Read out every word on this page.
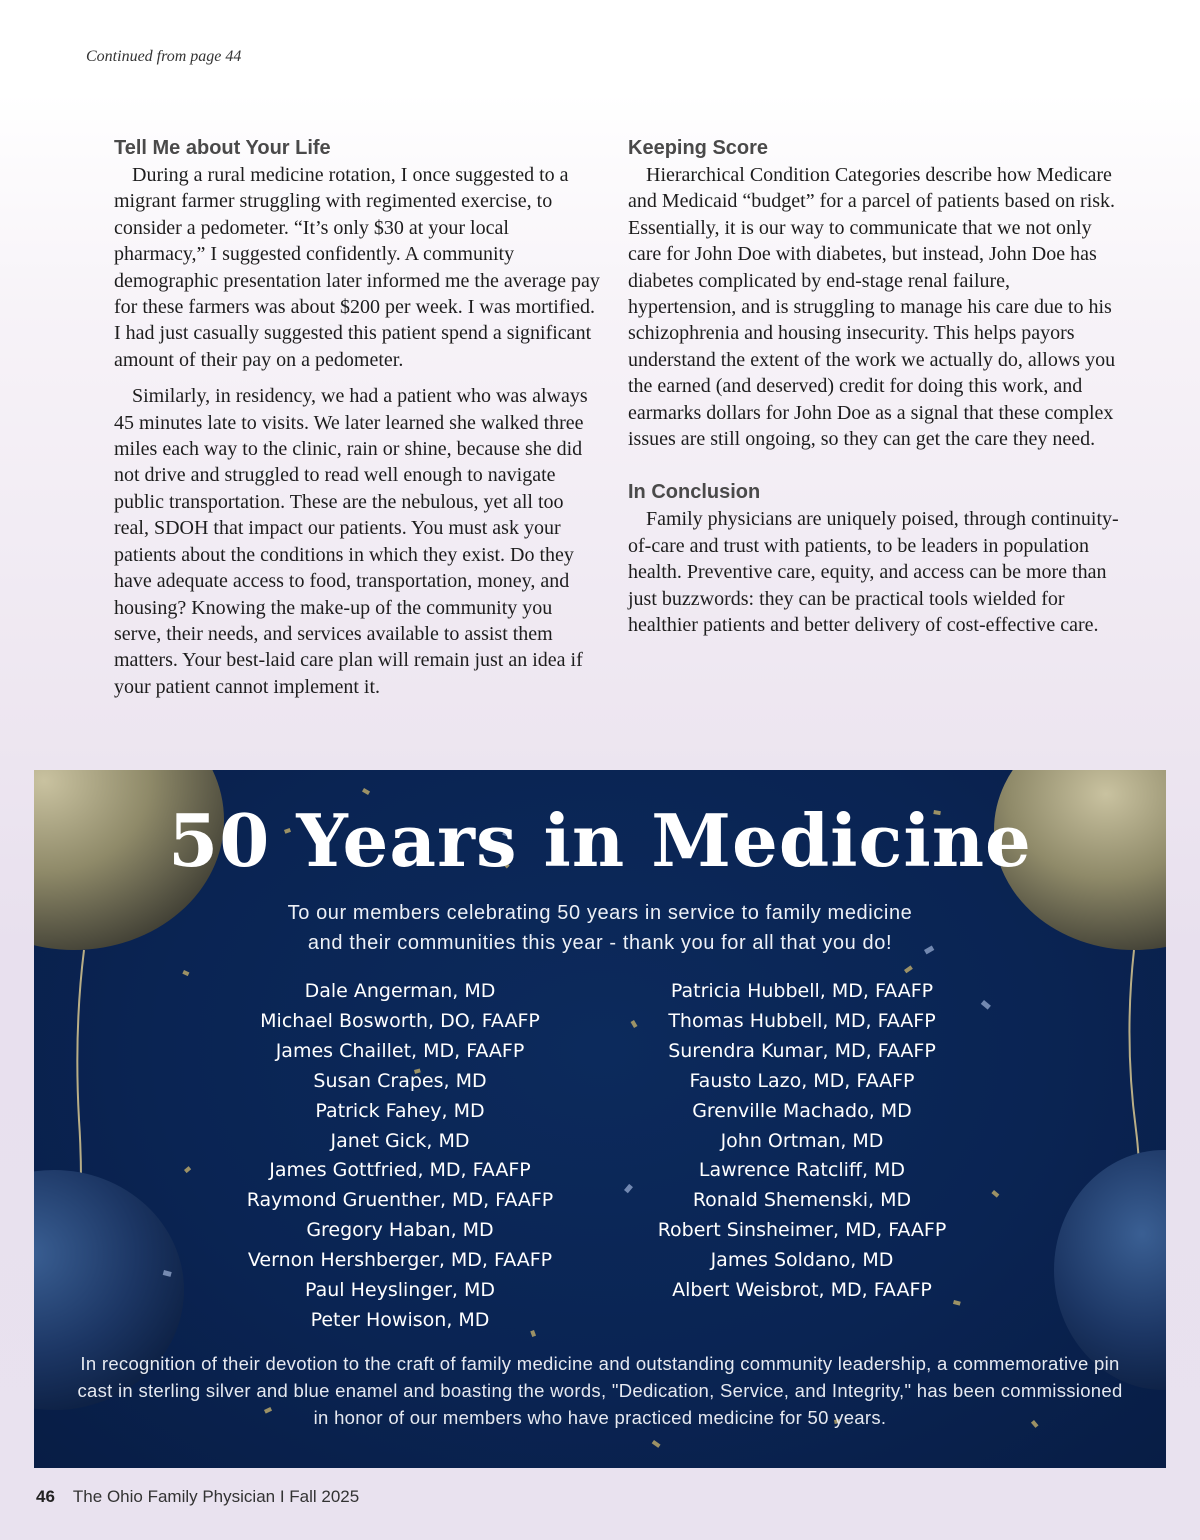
Continued from page 44
Tell Me about Your Life

During a rural medicine rotation, I once suggested to a migrant farmer struggling with regimented exercise, to consider a pedometer. “It’s only $30 at your local pharmacy,” I suggested confidently. A community demographic presentation later informed me the average pay for these farmers was about $200 per week. I was mortified. I had just casually suggested this patient spend a significant amount of their pay on a pedometer.

Similarly, in residency, we had a patient who was always 45 minutes late to visits. We later learned she walked three miles each way to the clinic, rain or shine, because she did not drive and struggled to read well enough to navigate public transportation. These are the nebulous, yet all too real, SDOH that impact our patients. You must ask your patients about the conditions in which they exist. Do they have adequate access to food, transportation, money, and housing? Knowing the make-up of the community you serve, their needs, and services available to assist them matters. Your best-laid care plan will remain just an idea if your patient cannot implement it.

Keeping Score

Hierarchical Condition Categories describe how Medicare and Medicaid “budget” for a parcel of patients based on risk. Essentially, it is our way to communicate that we not only care for John Doe with diabetes, but instead, John Doe has diabetes complicated by end-stage renal failure, hypertension, and is struggling to manage his care due to his schizophrenia and housing insecurity. This helps payors understand the extent of the work we actually do, allows you the earned (and deserved) credit for doing this work, and earmarks dollars for John Doe as a signal that these complex issues are still ongoing, so they can get the care they need.

In Conclusion

Family physicians are uniquely poised, through continuity-of-care and trust with patients, to be leaders in population health. Preventive care, equity, and access can be more than just buzzwords: they can be practical tools wielded for healthier patients and better delivery of cost-effective care.

50 Years in Medicine
To our members celebrating 50 years in service to family medicine
and their communities this year - thank you for all that you do!
Dale Angerman, MD
Michael Bosworth, DO, FAAFP
James Chaillet, MD, FAAFP
Susan Crapes, MD
Patrick Fahey, MD
Janet Gick, MD
James Gottfried, MD, FAAFP
Raymond Gruenther, MD, FAAFP
Gregory Haban, MD
Vernon Hershberger, MD, FAAFP
Paul Heyslinger, MD
Peter Howison, MD
Patricia Hubbell, MD, FAAFP
Thomas Hubbell, MD, FAAFP
Surendra Kumar, MD, FAAFP
Fausto Lazo, MD, FAAFP
Grenville Machado, MD
John Ortman, MD
Lawrence Ratcliff, MD
Ronald Shemenski, MD
Robert Sinsheimer, MD, FAAFP
James Soldano, MD
Albert Weisbrot, MD, FAAFP
In recognition of their devotion to the craft of family medicine and outstanding community leadership, a commemorative pin cast in sterling silver and blue enamel and boasting the words, "Dedication, Service, and Integrity," has been commissioned in honor of our members who have practiced medicine for 50 years.
46 The Ohio Family Physician I Fall 2025
